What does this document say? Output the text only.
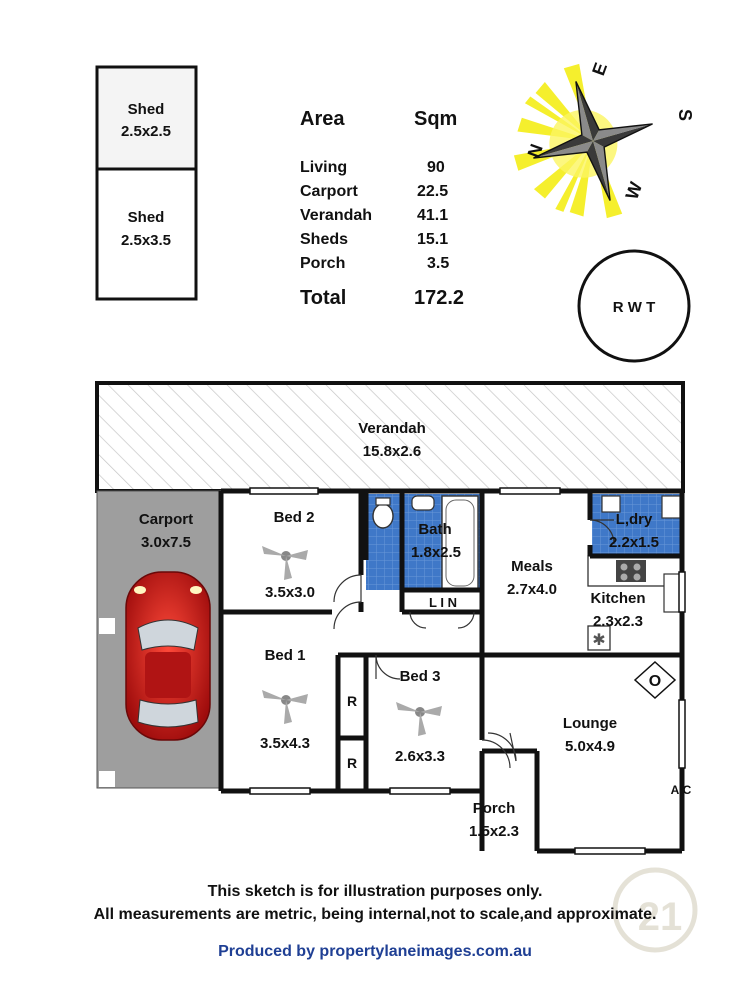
Shed
2.5x2.5
Shed
2.5x3.5
Area	Sqm
Living	90
Carport	22.5
Verandah	41.1
Sheds	15.1
Porch	3.5
Total	172.2
N
E
S
W
R W T
Verandah
15.8x2.6
Carport
3.0x7.5
✱
O
Bed 2
3.5x3.0
Bath
1.8x2.5
L I N
Meals
2.7x4.0
L,dry
2.2x1.5
Kitchen
2.3x2.3
Bed 1
3.5x4.3
Bed 3
2.6x3.3
Lounge
5.0x4.9
Porch
1.5x2.3
R
R
A/C
21
This sketch is for illustration purposes only.
All measurements are metric, being internal,not to scale,and approximate.
Produced by propertylaneimages.com.au
